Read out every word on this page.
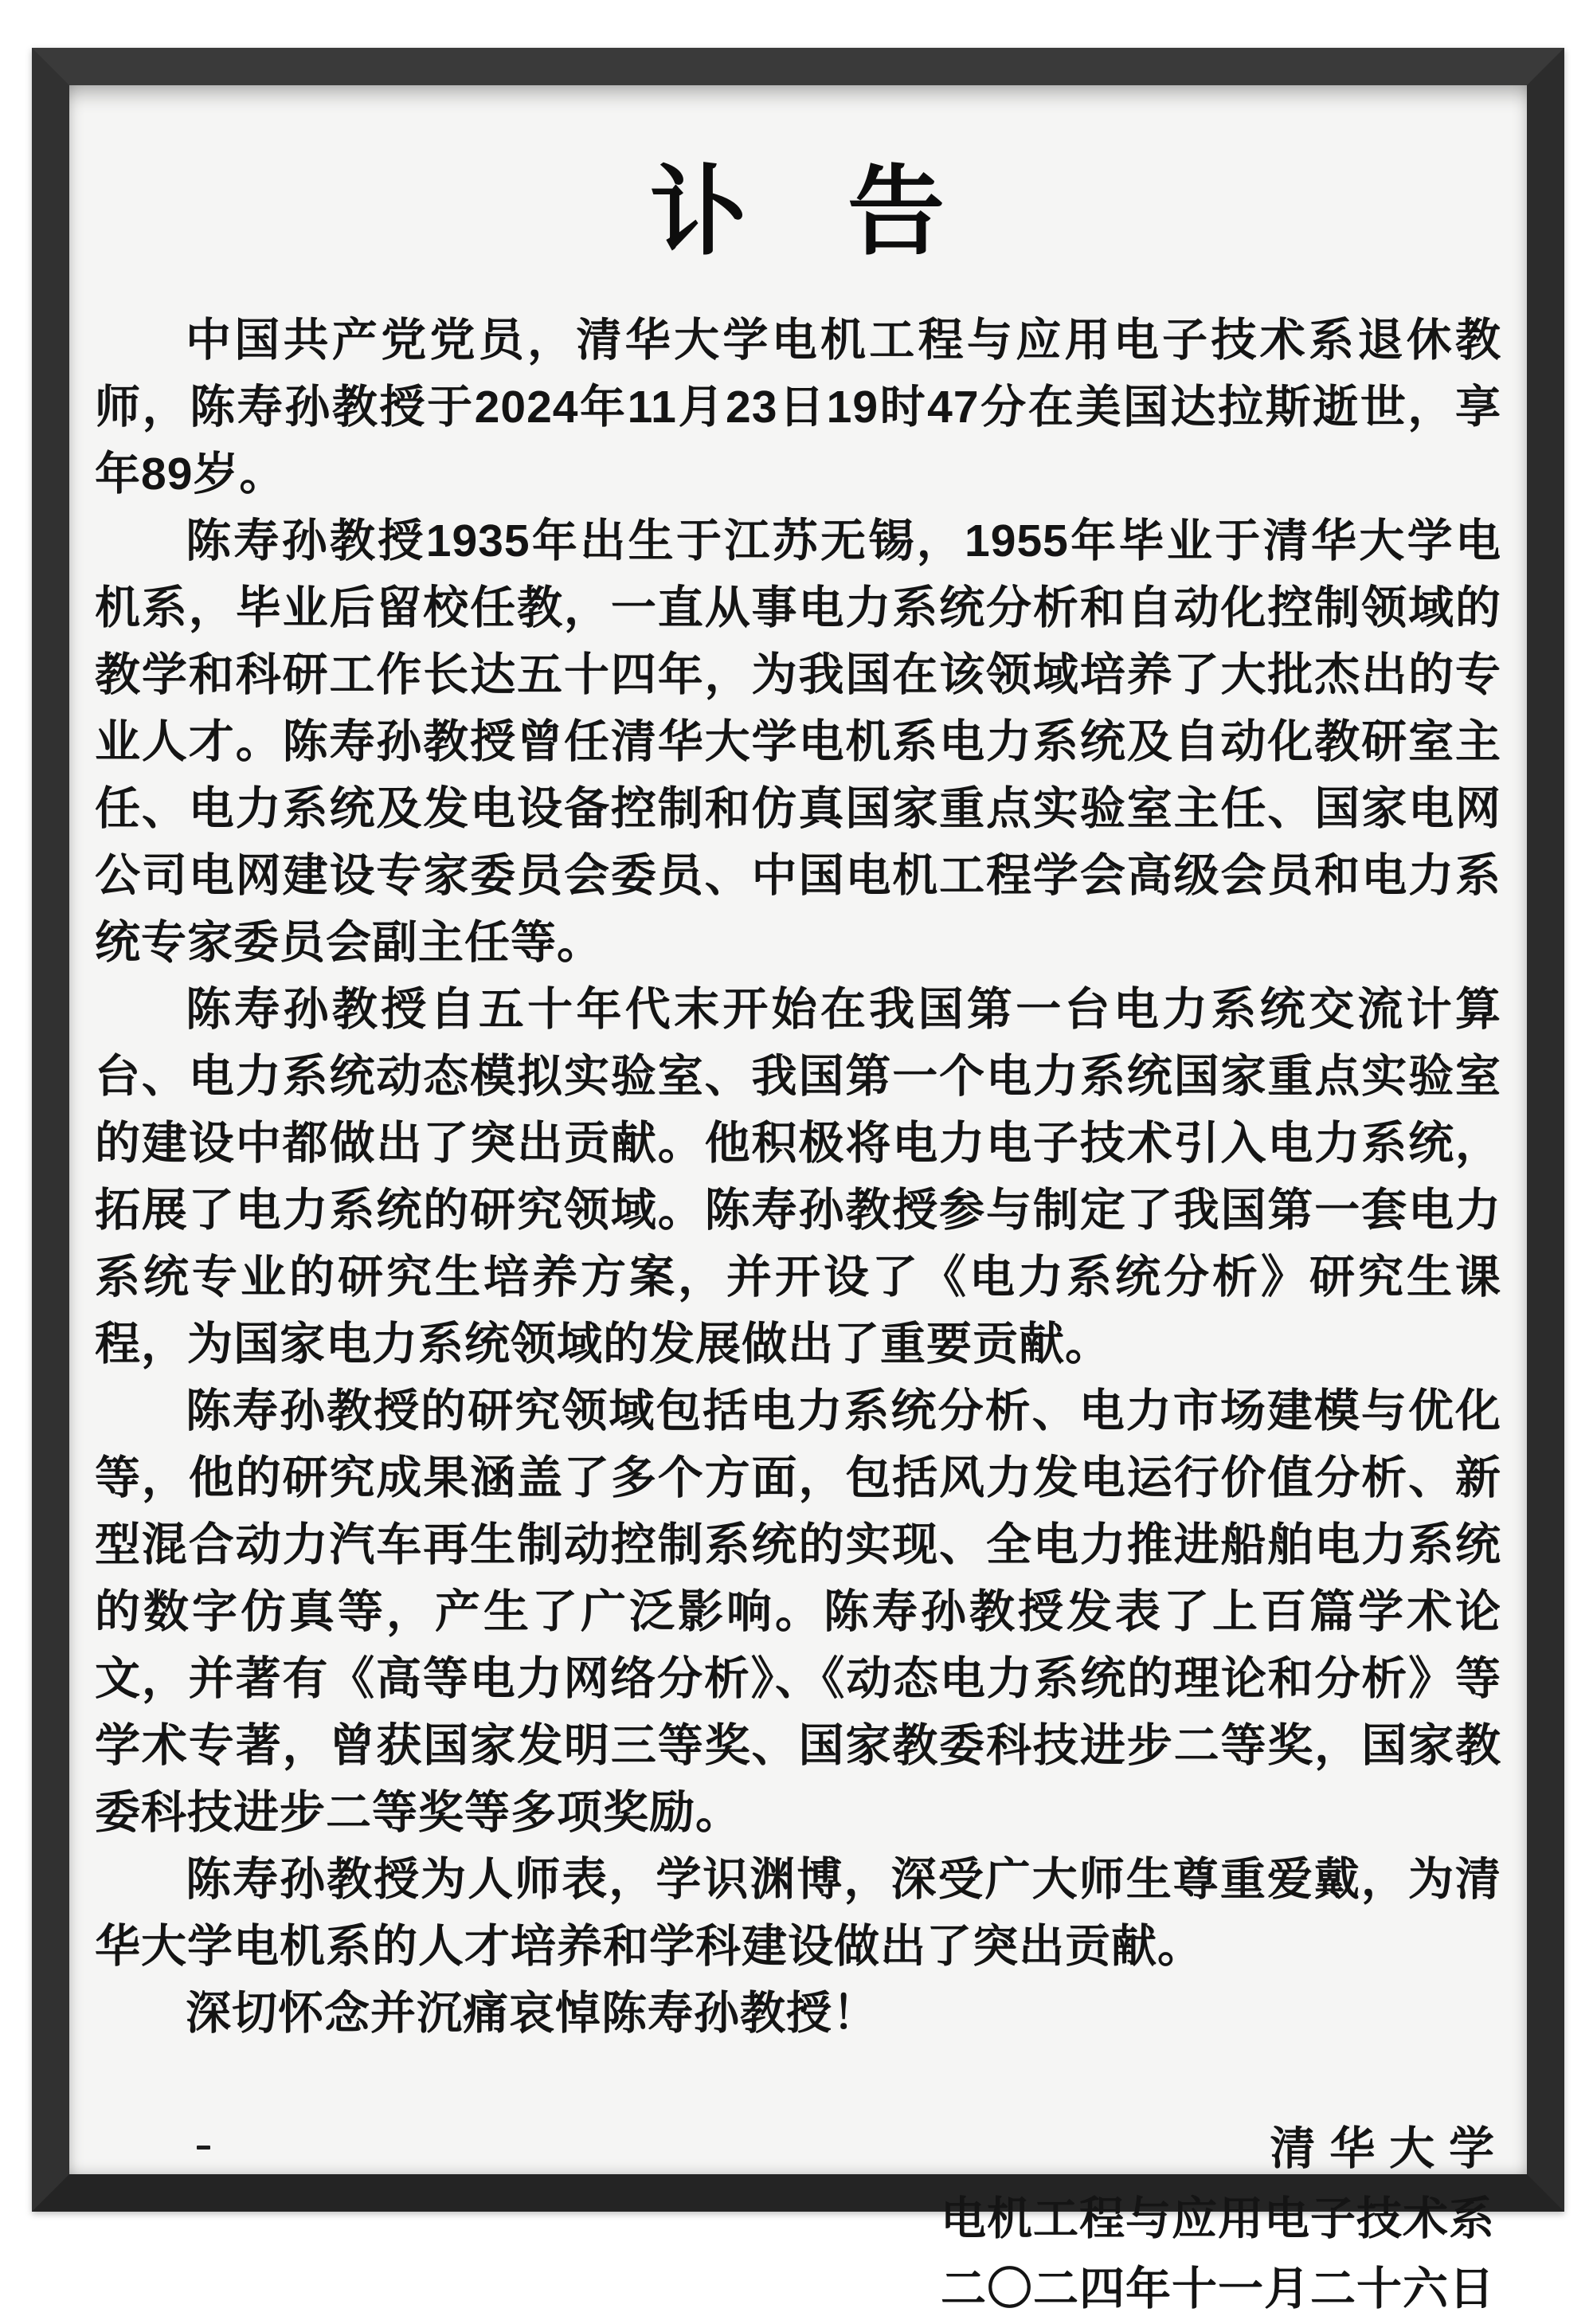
讣　告

中国共产党党员，清华大学电机工程与应用电子技术系退休教师，陈寿孙教授于2024年11月23日19时47分在美国达拉斯逝世，享年89岁。

陈寿孙教授1935年出生于江苏无锡，1955年毕业于清华大学电机系，毕业后留校任教，一直从事电力系统分析和自动化控制领域的教学和科研工作长达五十四年，为我国在该领域培养了大批杰出的专业人才。陈寿孙教授曾任清华大学电机系电力系统及自动化教研室主任、电力系统及发电设备控制和仿真国家重点实验室主任、国家电网公司电网建设专家委员会委员、中国电机工程学会高级会员和电力系统专家委员会副主任等。

陈寿孙教授自五十年代末开始在我国第一台电力系统交流计算台、电力系统动态模拟实验室、我国第一个电力系统国家重点实验室的建设中都做出了突出贡献。他积极将电力电子技术引入电力系统，拓展了电力系统的研究领域。陈寿孙教授参与制定了我国第一套电力系统专业的研究生培养方案，并开设了《电力系统分析》研究生课程，为国家电力系统领域的发展做出了重要贡献。

陈寿孙教授的研究领域包括电力系统分析、电力市场建模与优化等，他的研究成果涵盖了多个方面，包括风力发电运行价值分析、新型混合动力汽车再生制动控制系统的实现、全电力推进船舶电力系统的数字仿真等，产生了广泛影响。陈寿孙教授发表了上百篇学术论文，并著有《高等电力网络分析》、《动态电力系统的理论和分析》等学术专著，曾获国家发明三等奖、国家教委科技进步二等奖，国家教委科技进步二等奖等多项奖励。

陈寿孙教授为人师表，学识渊博，深受广大师生尊重爱戴，为清华大学电机系的人才培养和学科建设做出了突出贡献。

深切怀念并沉痛哀悼陈寿孙教授！

清 华 大 学
电机工程与应用电子技术系
二〇二四年十一月二十六日
